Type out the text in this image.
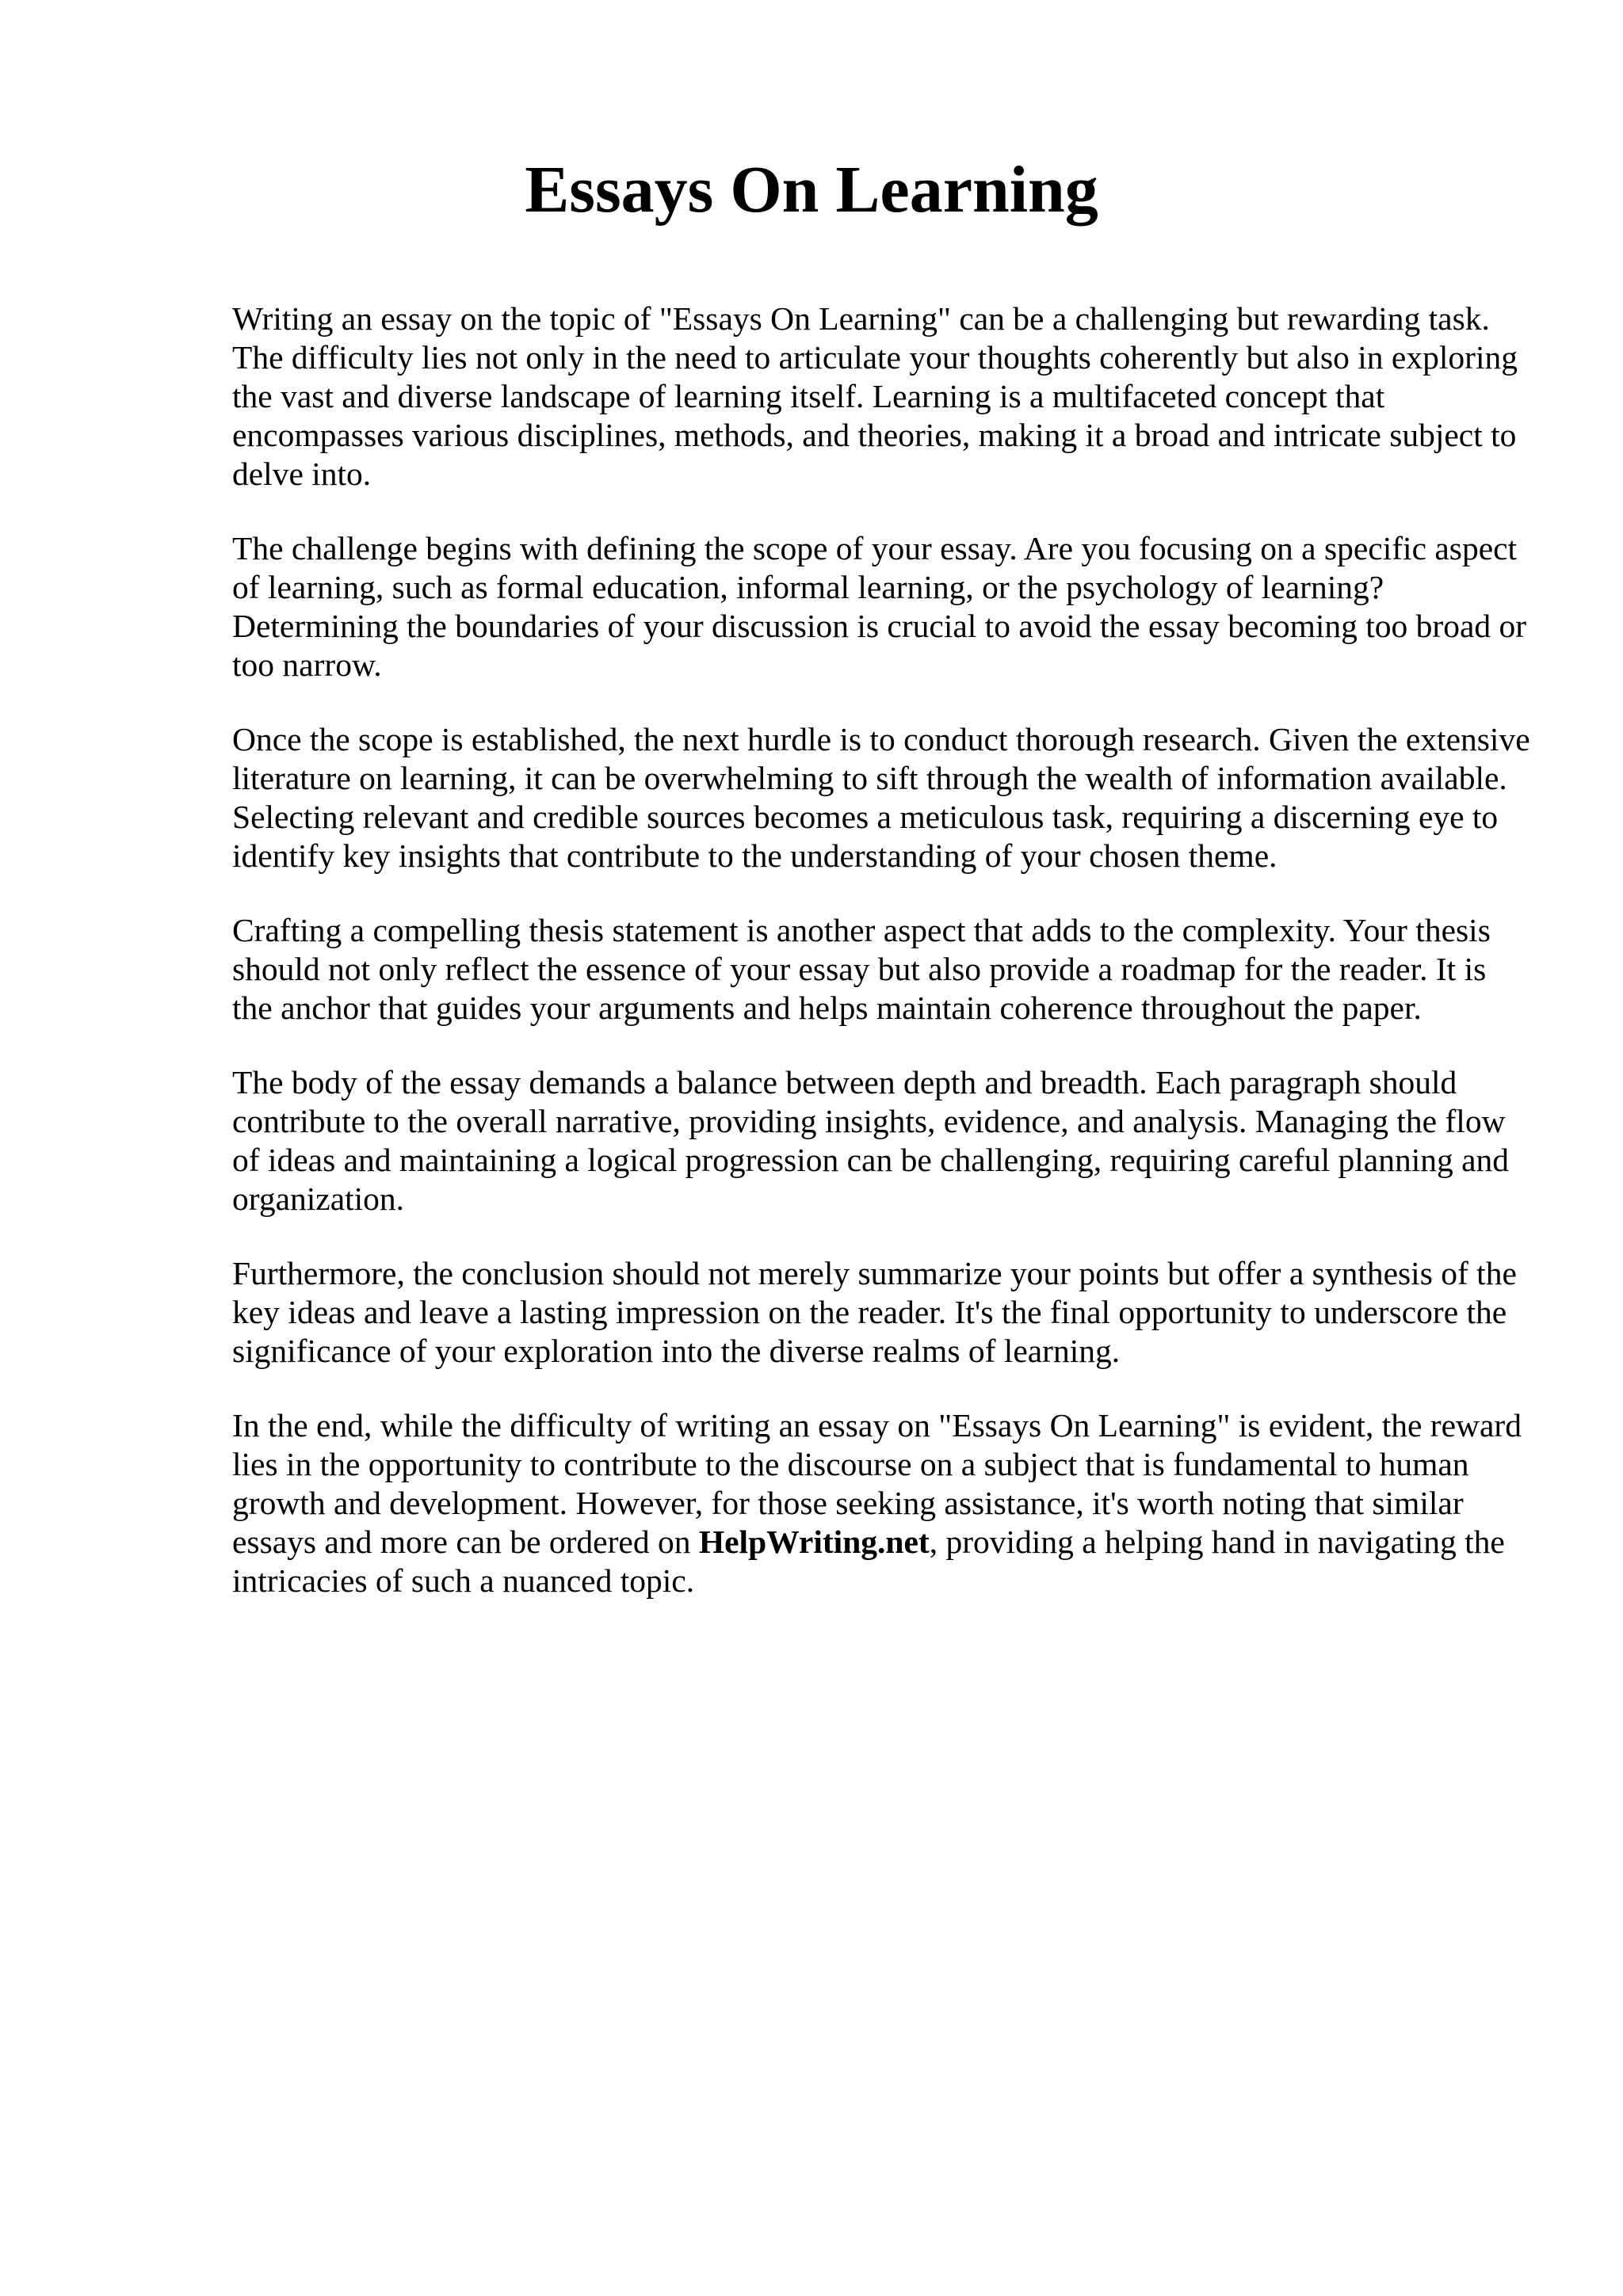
Essays On Learning

Writing an essay on the topic of "Essays On Learning" can be a challenging but rewarding task. The difficulty lies not only in the need to articulate your thoughts coherently but also in exploring the vast and diverse landscape of learning itself. Learning is a multifaceted concept that encompasses various disciplines, methods, and theories, making it a broad and intricate subject to delve into.

The challenge begins with defining the scope of your essay. Are you focusing on a specific aspect of learning, such as formal education, informal learning, or the psychology of learning? Determining the boundaries of your discussion is crucial to avoid the essay becoming too broad or too narrow.

Once the scope is established, the next hurdle is to conduct thorough research. Given the extensive literature on learning, it can be overwhelming to sift through the wealth of information available. Selecting relevant and credible sources becomes a meticulous task, requiring a discerning eye to identify key insights that contribute to the understanding of your chosen theme.

Crafting a compelling thesis statement is another aspect that adds to the complexity. Your thesis should not only reflect the essence of your essay but also provide a roadmap for the reader. It is the anchor that guides your arguments and helps maintain coherence throughout the paper.

The body of the essay demands a balance between depth and breadth. Each paragraph should contribute to the overall narrative, providing insights, evidence, and analysis. Managing the flow of ideas and maintaining a logical progression can be challenging, requiring careful planning and organization.

Furthermore, the conclusion should not merely summarize your points but offer a synthesis of the key ideas and leave a lasting impression on the reader. It's the final opportunity to underscore the significance of your exploration into the diverse realms of learning.

In the end, while the difficulty of writing an essay on "Essays On Learning" is evident, the reward lies in the opportunity to contribute to the discourse on a subject that is fundamental to human growth and development. However, for those seeking assistance, it's worth noting that similar essays and more can be ordered on HelpWriting.net, providing a helping hand in navigating the intricacies of such a nuanced topic.
